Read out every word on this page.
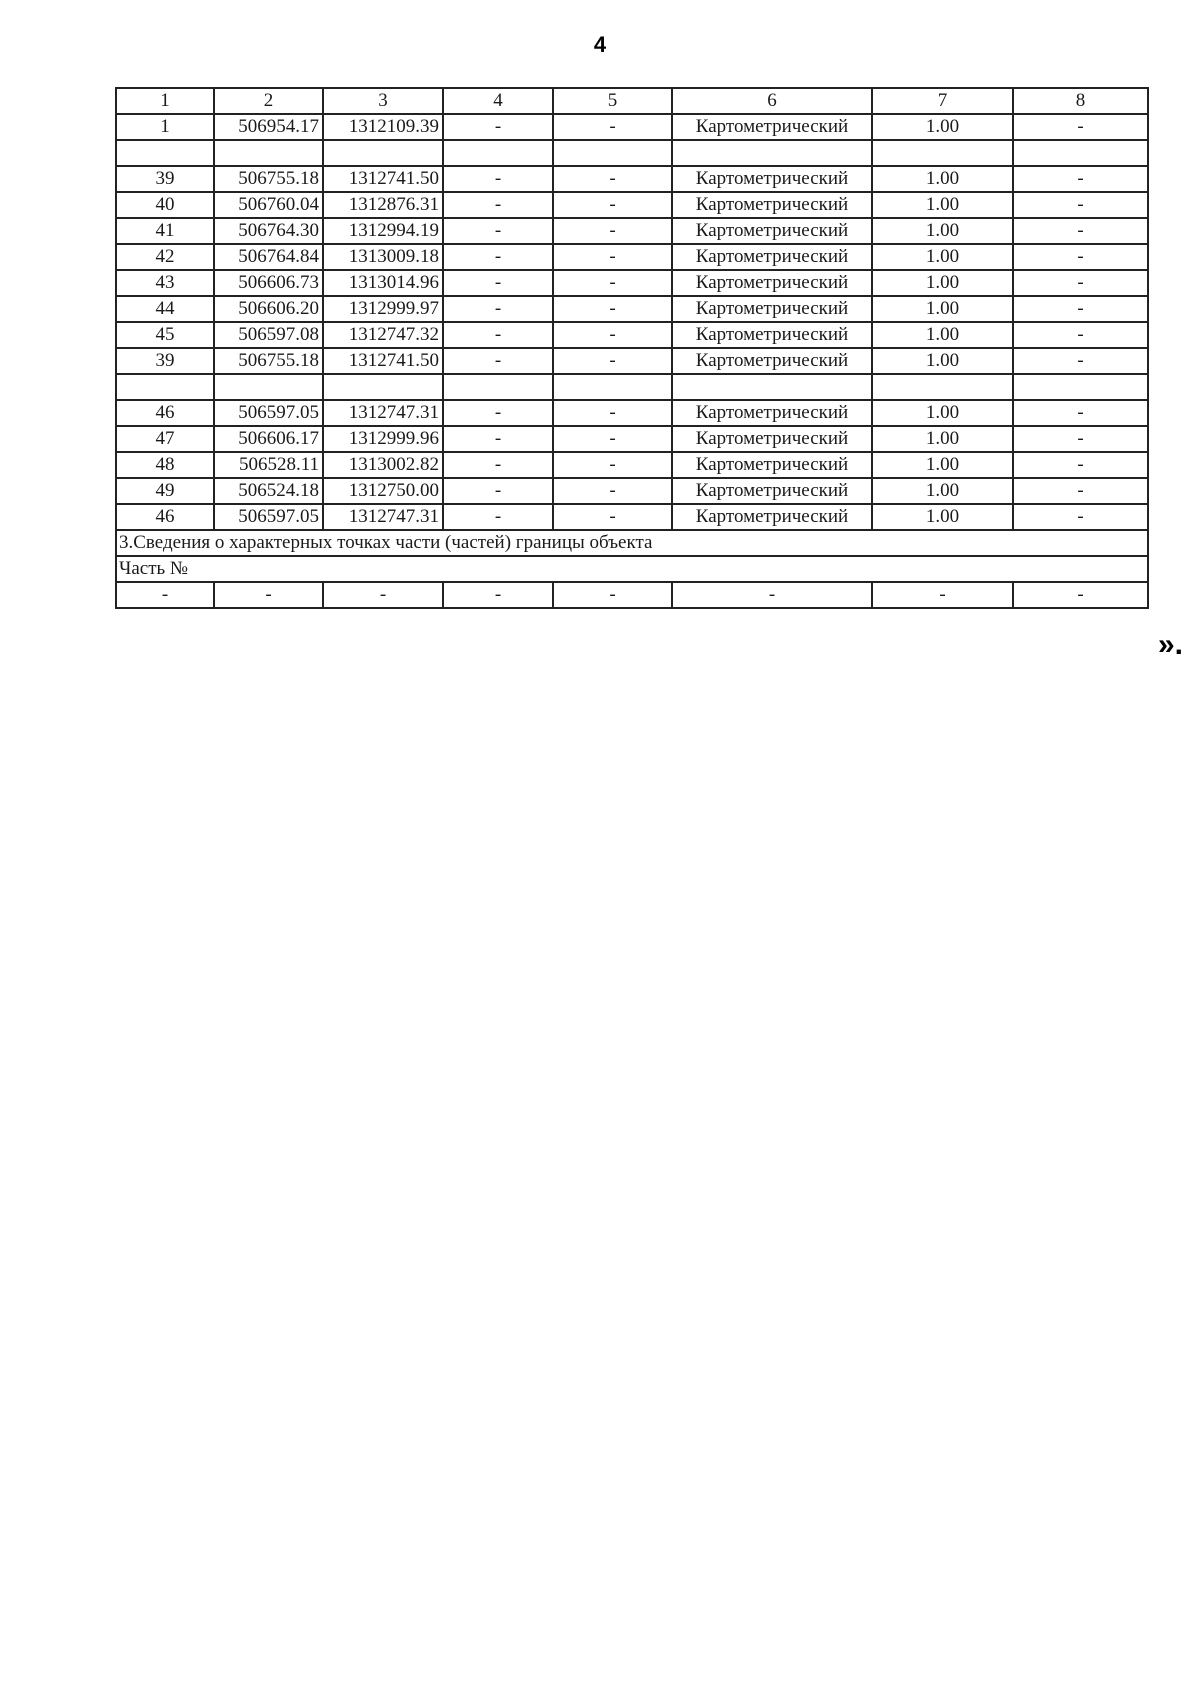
4
1	2	3	4	5	6	7	8
1	506954.17	1312109.39	-	-	Картометрический	1.00	-

39	506755.18	1312741.50	-	-	Картометрический	1.00	-
40	506760.04	1312876.31	-	-	Картометрический	1.00	-
41	506764.30	1312994.19	-	-	Картометрический	1.00	-
42	506764.84	1313009.18	-	-	Картометрический	1.00	-
43	506606.73	1313014.96	-	-	Картометрический	1.00	-
44	506606.20	1312999.97	-	-	Картометрический	1.00	-
45	506597.08	1312747.32	-	-	Картометрический	1.00	-
39	506755.18	1312741.50	-	-	Картометрический	1.00	-

46	506597.05	1312747.31	-	-	Картометрический	1.00	-
47	506606.17	1312999.96	-	-	Картометрический	1.00	-
48	506528.11	1313002.82	-	-	Картометрический	1.00	-
49	506524.18	1312750.00	-	-	Картометрический	1.00	-
46	506597.05	1312747.31	-	-	Картометрический	1.00	-
3.Сведения о характерных точках части (частей) границы объекта							
Часть №							
-	-	-	-	-	-	-	-
».
